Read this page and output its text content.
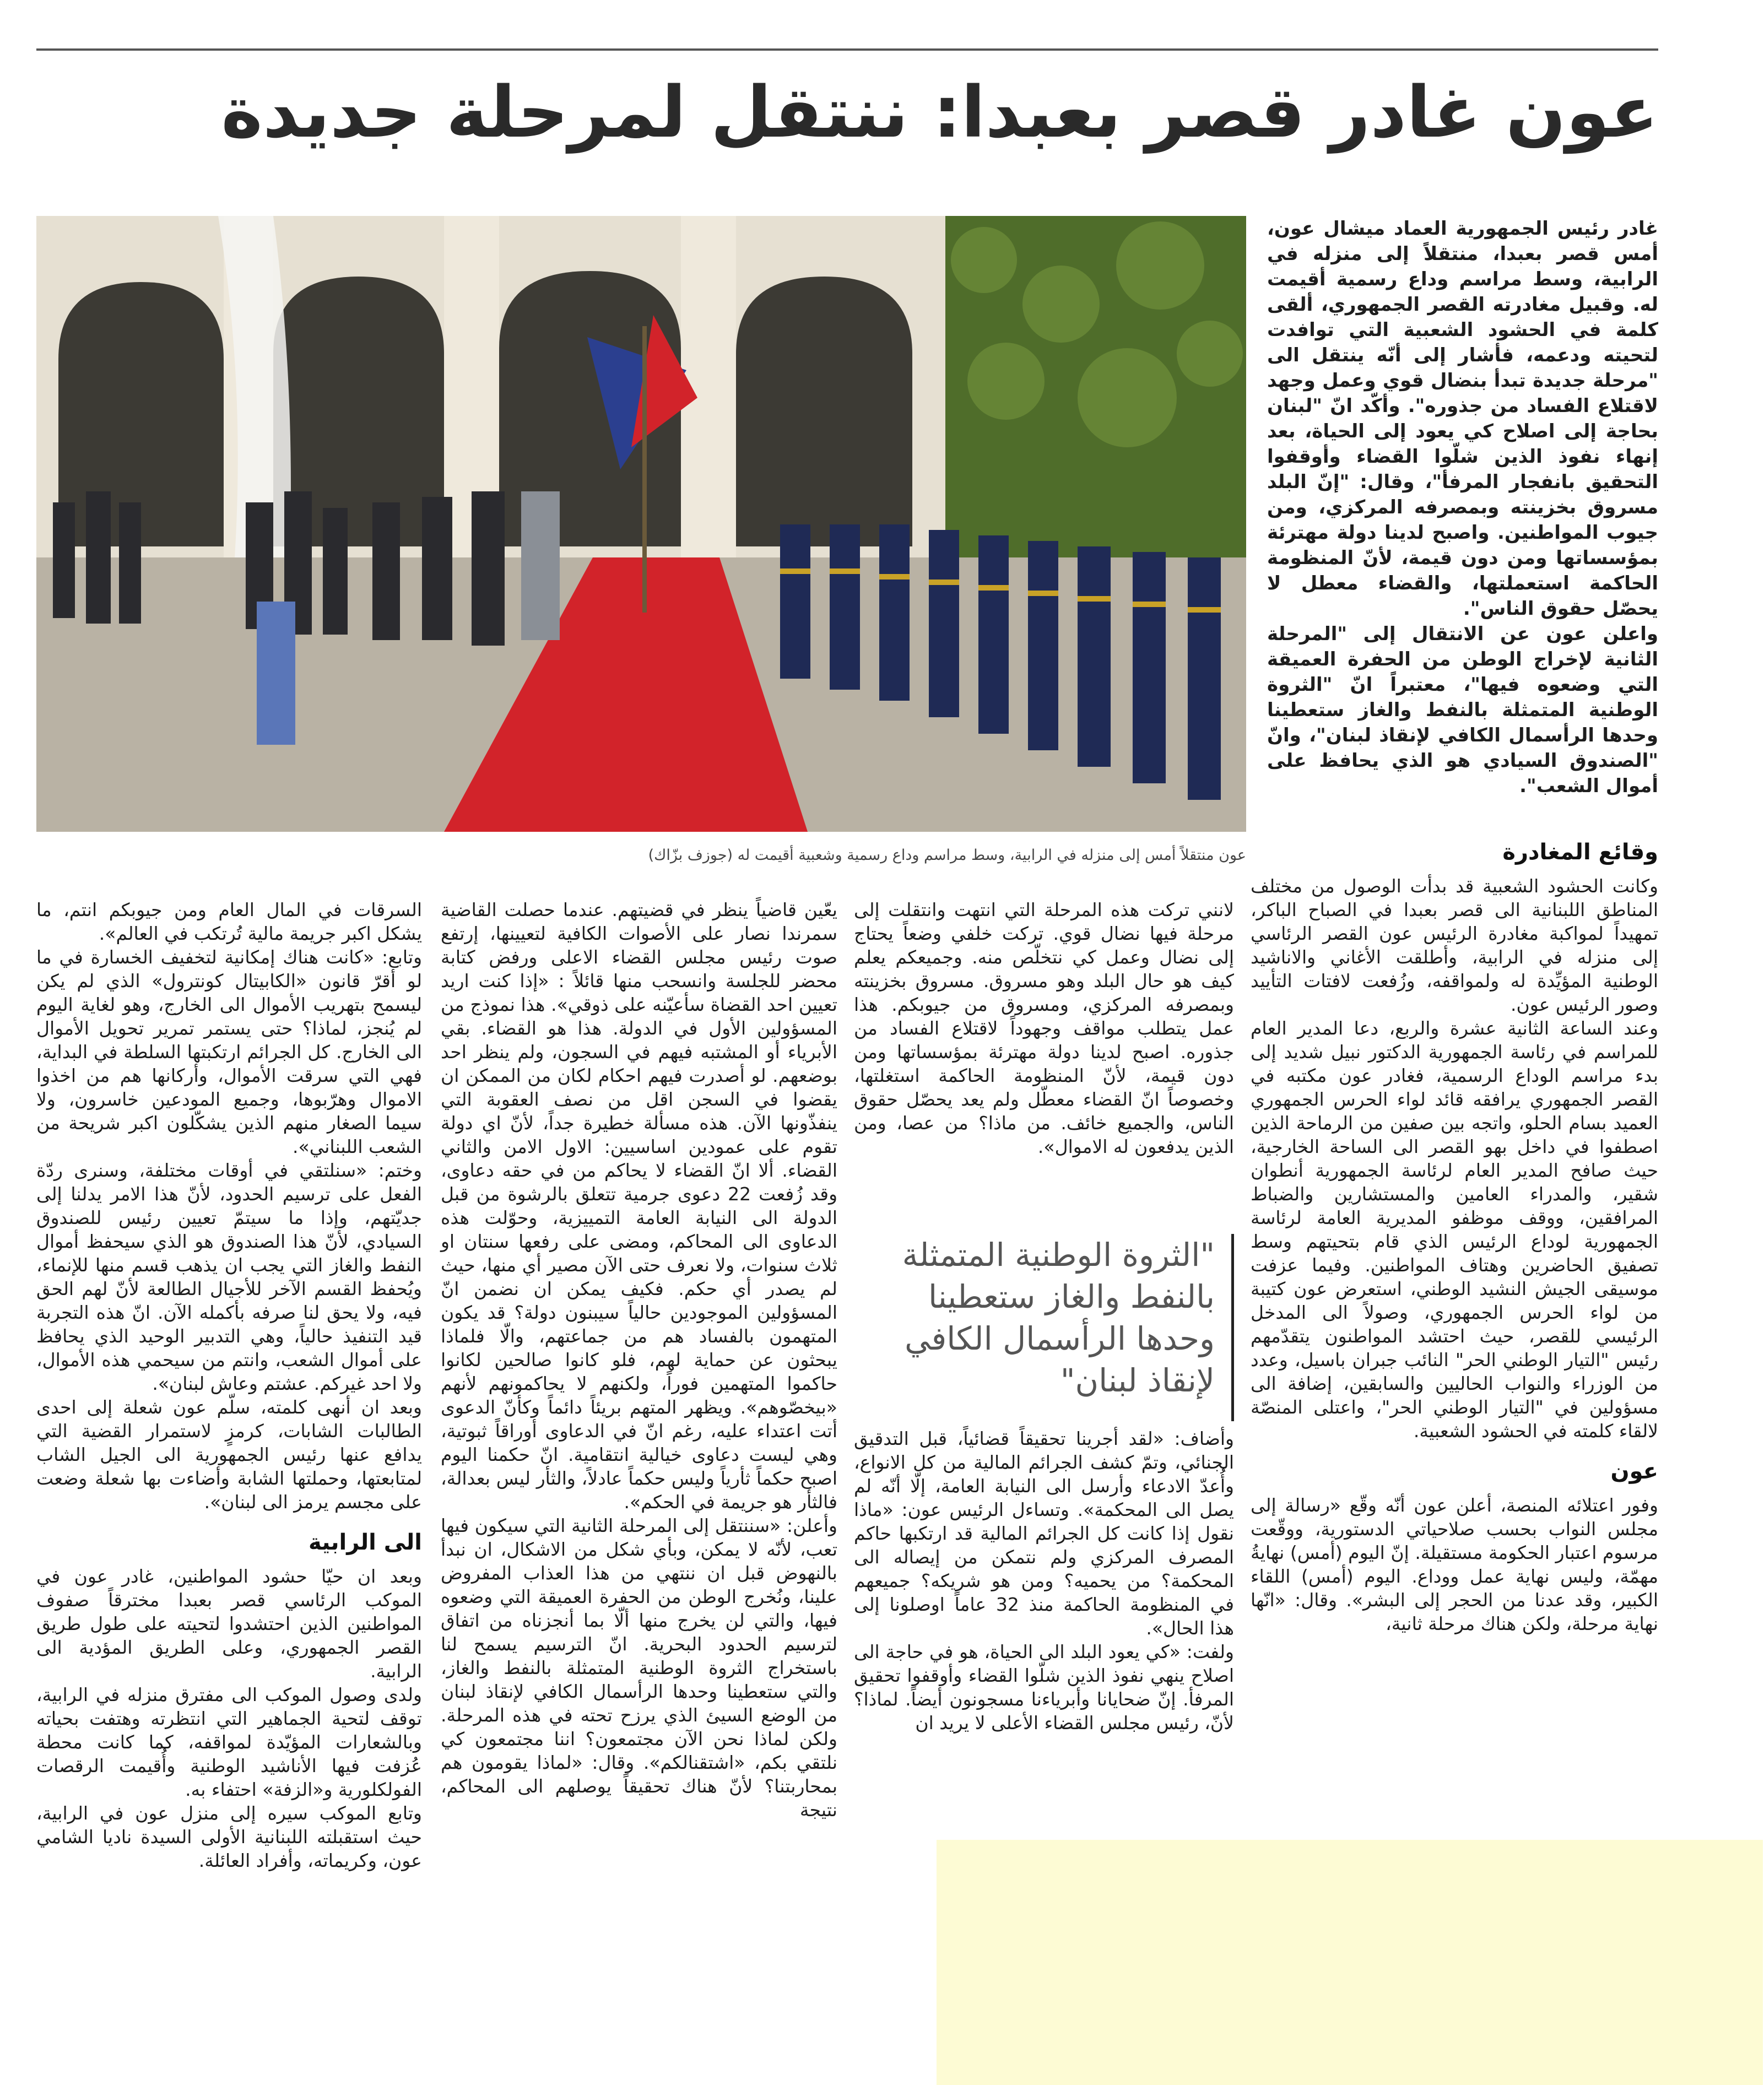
عون غادر قصر بعبدا: ننتقل لمرحلة جديدة
عون منتقلاً أمس إلى منزله في الرابية، وسط مراسم وداع رسمية وشعبية أقيمت له (جوزف بزّاك)

غادر رئيس الجمهورية العماد ميشال عون، أمس قصر بعبدا، منتقلاً إلى منزله في الرابية، وسط مراسم وداع رسمية أقيمت له. وقبيل مغادرته القصر الجمهوري، ألقى كلمة في الحشود الشعبية التي توافدت لتحيته ودعمه، فأشار إلى أنّه ينتقل الى "مرحلة جديدة تبدأ بنضال قوي وعمل وجهد لاقتلاع الفساد من جذوره". وأكّد انّ "لبنان بحاجة إلى اصلاح كي يعود إلى الحياة، بعد إنهاء نفوذ الذين شلّوا القضاء وأوقفوا التحقيق بانفجار المرفأ"، وقال: "إنّ البلد مسروق بخزينته وبمصرفه المركزي، ومن جيوب المواطنين. واصبح لدينا دولة مهترئة بمؤسساتها ومن دون قيمة، لأنّ المنظومة الحاكمة استعملتها، والقضاء معطل لا يحصّل حقوق الناس".

واعلن عون عن الانتقال إلى "المرحلة الثانية لإخراج الوطن من الحفرة العميقة التي وضعوه فيها"، معتبراً انّ "الثروة الوطنية المتمثلة بالنفط والغاز ستعطينا وحدها الرأسمال الكافي لإنقاذ لبنان"، وانّ "الصندوق السيادي هو الذي يحافظ على أموال الشعب".

وقائع المغادرة

وكانت الحشود الشعبية قد بدأت الوصول من مختلف المناطق اللبنانية الى قصر بعبدا في الصباح الباكر، تمهيداً لمواكبة مغادرة الرئيس عون القصر الرئاسي إلى منزله في الرابية، وأطلقت الأغاني والاناشيد الوطنية المؤيِّدة له ولمواقفه، وزُفعت لافتات التأييد وصور الرئيس عون.

وعند الساعة الثانية عشرة والربع، دعا المدير العام للمراسم في رئاسة الجمهورية الدكتور نبيل شديد إلى بدء مراسم الوداع الرسمية، فغادر عون مكتبه في القصر الجمهوري يرافقه قائد لواء الحرس الجمهوري العميد بسام الحلو، واتجه بين صفين من الرماحة الذين اصطفوا في داخل بهو القصر الى الساحة الخارجية، حيث صافح المدير العام لرئاسة الجمهورية أنطوان شقير، والمدراء العامين والمستشارين والضباط المرافقين، ووقف موظفو المديرية العامة لرئاسة الجمهورية لوداع الرئيس الذي قام بتحيتهم وسط تصفيق الحاضرين وهتاف المواطنين. وفيما عزفت موسيقى الجيش النشيد الوطني، استعرض عون كتيبة من لواء الحرس الجمهوري، وصولاً الى المدخل الرئيسي للقصر، حيث احتشد المواطنون يتقدّمهم رئيس "التيار الوطني الحر" النائب جبران باسيل، وعدد من الوزراء والنواب الحاليين والسابقين، إضافة الى مسؤولين في "التيار الوطني الحر"، واعتلى المنصّة لالقاء كلمته في الحشود الشعبية.

عون

وفور اعتلائه المنصة، أعلن عون أنّه وقّع «رسالة إلى مجلس النواب بحسب صلاحياتي الدستورية، ووقّعت مرسوم اعتبار الحكومة مستقيلة. إنّ اليوم (أمس) نهايةُ مهمّة، وليس نهاية عمل ووداع. اليوم (أمس) اللقاء الكبير، وقد عدنا من الحجر إلى البشر». وقال: «انّها نهاية مرحلة، ولكن هناك مرحلة ثانية،

لانني تركت هذه المرحلة التي انتهت وانتقلت إلى مرحلة فيها نضال قوي. تركت خلفي وضعاً يحتاج إلى نضال وعمل كي نتخلّص منه. وجميعكم يعلم كيف هو حال البلد وهو مسروق. مسروق بخزينته وبمصرفه المركزي، ومسروق من جيوبكم. هذا عمل يتطلب مواقف وجهوداً لاقتلاع الفساد من جذوره. اصبح لدينا دولة مهترئة بمؤسساتها ومن دون قيمة، لأنّ المنظومة الحاكمة استغلتها، وخصوصاً انّ القضاء معطّل ولم يعد يحصّل حقوق الناس، والجميع خائف. من ماذا؟ من عصا، ومن الذين يدفعون له الاموال».

"الثروة الوطنية المتمثلة بالنفط والغاز ستعطينا وحدها الرأسمال الكافي لإنقاذ لبنان"

وأضاف: «لقد أجرينا تحقيقاً قضائياً، قبل التدقيق الجنائي، وتمّ كشف الجرائم المالية من كل الانواع، وأُعدّ الادعاء وأرسل الى النيابة العامة، إلّا أنّه لم يصل الى المحكمة». وتساءل الرئيس عون: «ماذا نقول إذا كانت كل الجرائم المالية قد ارتكبها حاكم المصرف المركزي ولم نتمكن من إيصاله الى المحكمة؟ من يحميه؟ ومن هو شريكه؟ جميعهم في المنظومة الحاكمة منذ 32 عاماً اوصلونا إلى هذا الحال».

ولفت: «كي يعود البلد الى الحياة، هو في حاجة الى اصلاح ينهي نفوذ الذين شلّوا القضاء وأوقفوا تحقيق المرفأ. إنّ ضحايانا وأبرياءنا مسجونون أيضاً. لماذا؟ لأنّ، رئيس مجلس القضاء الأعلى لا يريد ان

يعّين قاضياً ينظر في قضيتهم. عندما حصلت القاضية سمرندا نصار على الأصوات الكافية لتعيينها، إرتفع صوت رئيس مجلس القضاء الاعلى ورفض كتابة محضر للجلسة وانسحب منها قائلاً : «إذا كنت اريد تعيين احد القضاة سأعيّنه على ذوقي». هذا نموذج من المسؤولين الأول في الدولة. هذا هو القضاء. بقي الأبرياء أو المشتبه فيهم في السجون، ولم ينظر احد بوضعهم. لو أصدرت فيهم احكام لكان من الممكن ان يقضوا في السجن اقل من نصف العقوبة التي ينفذّونها الآن. هذه مسألة خطيرة جداً، لأنّ اي دولة تقوم على عمودين اساسيين: الاول الامن والثاني القضاء. ألا انّ القضاء لا يحاكم من في حقه دعاوى، وقد زُفعت 22 دعوى جرمية تتعلق بالرشوة من قبل الدولة الى النيابة العامة التمييزية، وحوّلت هذه الدعاوى الى المحاكم، ومضى على رفعها سنتان او ثلاث سنوات، ولا نعرف حتى الآن مصير أي منها، حيث لم يصدر أي حكم. فكيف يمكن ان نضمن انّ المسؤولين الموجودين حالياً سيبنون دولة؟ قد يكون المتهمون بالفساد هم من جماعتهم، والّا فلماذا يبحثون عن حماية لهم، فلو كانوا صالحين لكانوا حاكموا المتهمين فوراً، ولكنهم لا يحاكمونهم لأنهم «بيخصّوهم». ويظهر المتهم بريئاً دائماً وكأنّ الدعوى أتت اعتداء عليه، رغم انّ في الدعاوى أوراقاً ثبوتية، وهي ليست دعاوى خيالية انتقامية. انّ حكمنا اليوم اصبح حكماً ثأرياً وليس حكماً عادلاً، والثأر ليس بعدالة، فالثأر هو جريمة في الحكم».

وأعلن: «سننتقل إلى المرحلة الثانية التي سيكون فيها تعب، لأنّه لا يمكن، وبأي شكل من الاشكال، ان نبدأ بالنهوض قبل ان ننتهي من هذا العذاب المفروض علينا، ونُخرج الوطن من الحفرة العميقة التي وضعوه فيها، والتي لن يخرج منها ألّا بما أنجزناه من اتفاق لترسيم الحدود البحرية. انّ الترسيم يسمح لنا باستخراج الثروة الوطنية المتمثلة بالنفط والغاز، والتي ستعطينا وحدها الرأسمال الكافي لإنقاذ لبنان من الوضع السيئ الذي يرزح تحته في هذه المرحلة. ولكن لماذا نحن الآن مجتمعون؟ اننا مجتمعون كي نلتقي بكم، «اشتقنالكم». وقال: «لماذا يقومون هم بمحاربتنا؟ لأنّ هناك تحقيقاً يوصلهم الى المحاكم، نتيجة

السرقات في المال العام ومن جيوبكم انتم، ما يشكل اكبر جريمة مالية تُرتكب في العالم».

وتابع: «كانت هناك إمكانية لتخفيف الخسارة في ما لو أقرّ قانون «الكابيتال كونترول» الذي لم يكن ليسمح بتهريب الأموال الى الخارج، وهو لغاية اليوم لم يُنجز، لماذا؟ حتى يستمر تمرير تحويل الأموال الى الخارج. كل الجرائم ارتكبتها السلطة في البداية، فهي التي سرقت الأموال، وأركانها هم من اخذوا الاموال وهرّبوها، وجميع المودعين خاسرون، ولا سيما الصغار منهم الذين يشكّلون اكبر شريحة من الشعب اللبناني».

وختم: «سنلتقي في أوقات مختلفة، وسنرى ردّة الفعل على ترسيم الحدود، لأنّ هذا الامر يدلنا إلى جديّتهم، وإذا ما سيتمّ تعيين رئيس للصندوق السيادي، لأنّ هذا الصندوق هو الذي سيحفظ أموال النفط والغاز التي يجب ان يذهب قسم منها للإنماء، ويُحفظ القسم الآخر للأجيال الطالعة لأنّ لهم الحق فيه، ولا يحق لنا صرفه بأكمله الآن. انّ هذه التجربة قيد التنفيذ حالياً، وهي التدبير الوحيد الذي يحافظ على أموال الشعب، وانتم من سيحمي هذه الأموال، ولا احد غيركم. عشتم وعاش لبنان».

وبعد ان أنهى كلمته، سلّم عون شعلة إلى احدى الطالبات الشابات، كرمزٍ لاستمرار القضية التي يدافع عنها رئيس الجمهورية الى الجيل الشاب لمتابعتها، وحملتها الشابة وأضاءت بها شعلة وضعت على مجسم يرمز الى لبنان».

الى الرابية

وبعد ان حيّا حشود المواطنين، غادر عون في الموكب الرئاسي قصر بعبدا مخترقاً صفوف المواطنين الذين احتشدوا لتحيته على طول طريق القصر الجمهوري، وعلى الطريق المؤدية الى الرابية.

ولدى وصول الموكب الى مفترق منزله في الرابية، توقف لتحية الجماهير التي انتظرته وهتفت بحياته وبالشعارات المؤيّدة لمواقفه، كما كانت محطة عُزفت فيها الأناشيد الوطنية وأُقيمت الرقصات الفولكلورية و«الزفة» احتفاء به.

وتابع الموكب سيره إلى منزل عون في الرابية، حيث استقبلته اللبنانية الأولى السيدة ناديا الشامي عون، وكريماته، وأفراد العائلة.
